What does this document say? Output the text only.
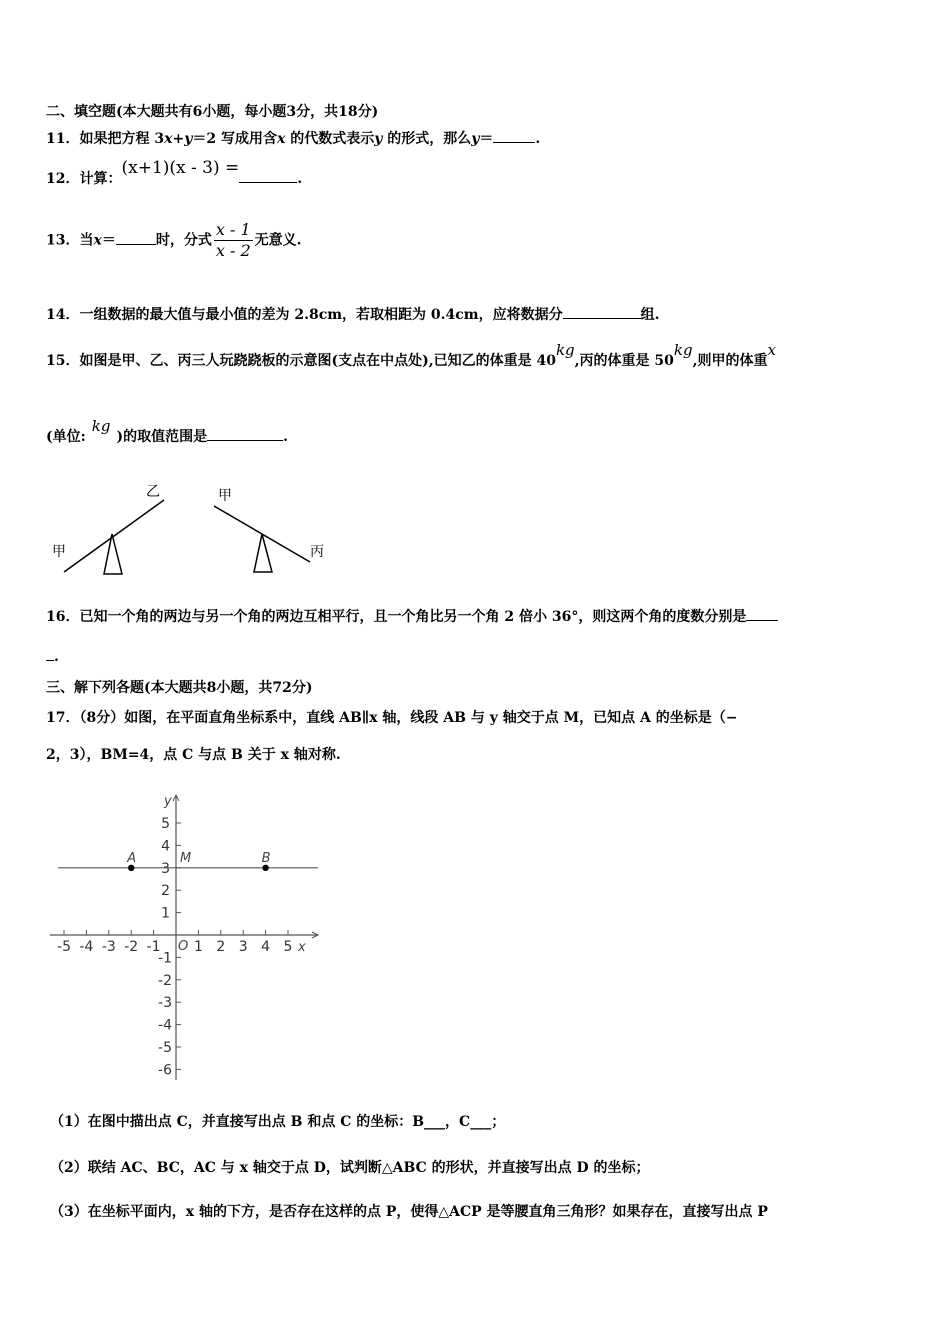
二、填空题(本大题共有6小题，每小题3分，共18分)
11．如果把方程 3x+y＝2 写成用含x 的代数式表示y 的形式，那么y＝	.
12．计算：(x+1)(x - 3) =.
13．当x＝	时，分式 $\frac{x - 1}{x - 2}$ 无意义.
14．一组数据的最大值与最小值的差为 2.8cm，若取相距为 0.4cm，应将数据分	组.
15．如图是甲、乙、丙三人玩跷跷板的示意图(支点在中点处),已知乙的体重是 40kg,丙的体重是 50kg,则甲的体重x
(单位:kg)的取值范围是	.
甲
乙	甲
丙
16．已知一个角的两边与另一个角的两边互相平行，且一个角比另一个角 2 倍小 36°，则这两个角的度数分别是
.
三、解下列各题(本大题共8小题，共72分)
17．（8分）如图，在平面直角坐标系中，直线 AB∥x 轴，线段 AB 与 y 轴交于点 M，已知点 A 的坐标是（−
2，3），BM=4，点 C 与点 B 关于 x 轴对称.
y
x
O
-5 -4 -3 -2 -1 1 2 3 4 5
5
4
3
2
1
-1
-2
-3
-4
-5
-6
A	M	B
（1）在图中描出点 C，并直接写出点 B 和点 C 的坐标：B___，C___；
（2）联结 AC、BC，AC 与 x 轴交于点 D，试判断△ABC 的形状，并直接写出点 D 的坐标；
（3）在坐标平面内，x 轴的下方，是否存在这样的点 P，使得△ACP 是等腰直角三角形？如果存在，直接写出点 P
